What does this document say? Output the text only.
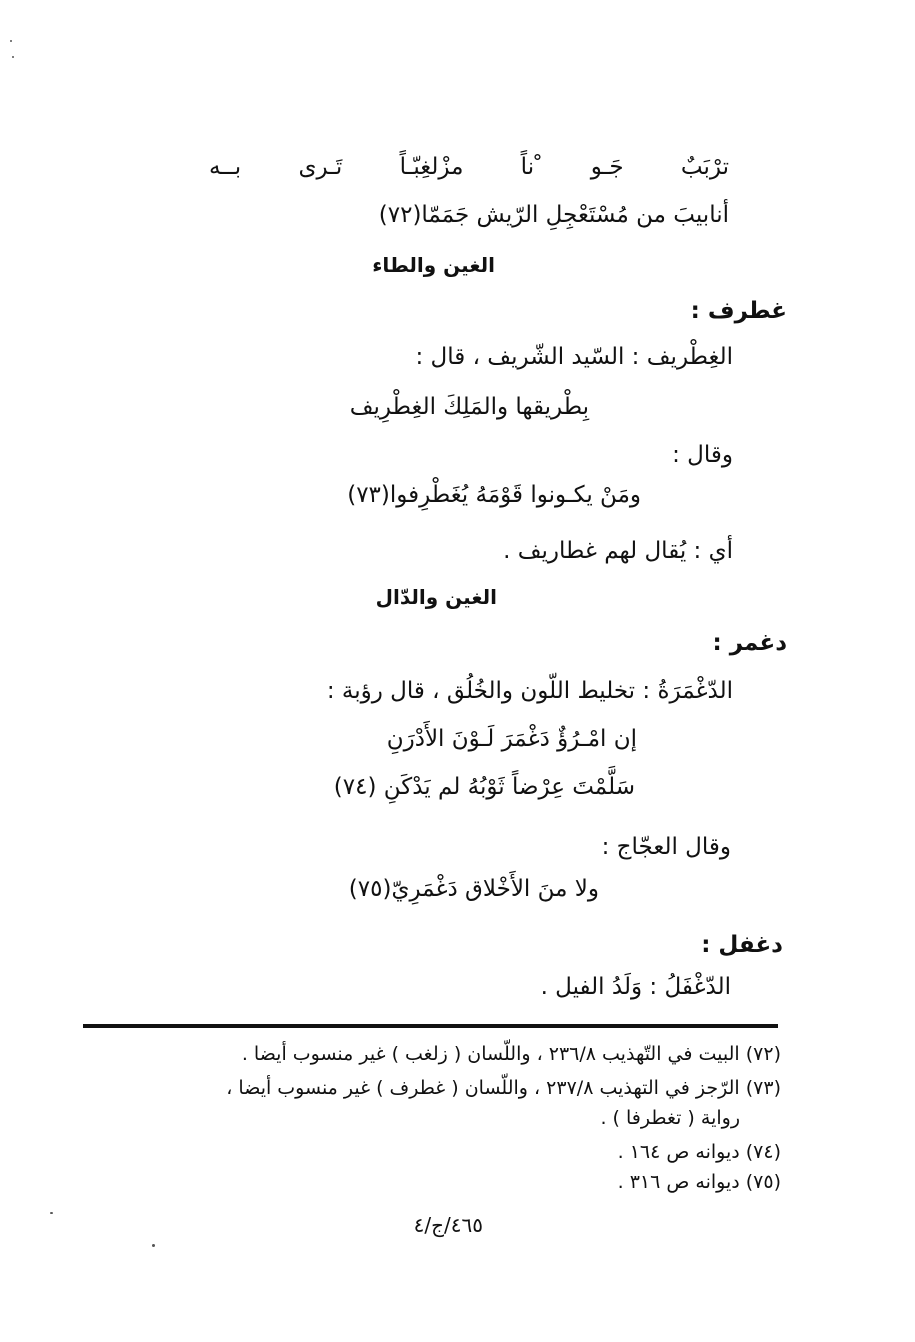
ترْبَبٌ جَـو ْناً مزْلغِبّـاً تَـرى بــه
أنابيبَ من مُسْتَعْجِلِ الرّيش جَمَمّا(٧٢)
الغين والطاء
غطرف :
الغِطْريف : السّيد الشّريف ، قال :
بِطْريقها والمَلِكَ الغِطْرِيف
وقال :
ومَنْ يكـونوا قَوْمَهُ يُغَطْرِفوا(٧٣)
أي : يُقال لهم غطاريف .
الغين والدّال
دغمر :
الدّغْمَرَةُ : تخليط اللّون والخُلُق ، قال رؤبة :
إن امْـرُؤٌ دَغْمَرَ لَـوْنَ الأَدْرَنِ
سَلَّمْتَ عِرْضاً ثَوْبُهُ لم يَدْكَنِ (٧٤)
وقال العجّاج :
ولا منَ الأَخْلاق دَغْمَرِيّ(٧٥)
دغفل :
الدّغْفَلُ : وَلَدُ الفيل .
(٧٢) البيت في التّهذيب ٢٣٦/٨ ، واللّسان ( زلغب ) غير منسوب أيضا .
(٧٣) الرّجز في التهذيب ٢٣٧/٨ ، واللّسان ( غطرف ) غير منسوب أيضا ،
رواية ( تغطرفا ) .
(٧٤) ديوانه ص ١٦٤ .
(٧٥) ديوانه ص ٣١٦ .
٤٦٥/ج/٤
